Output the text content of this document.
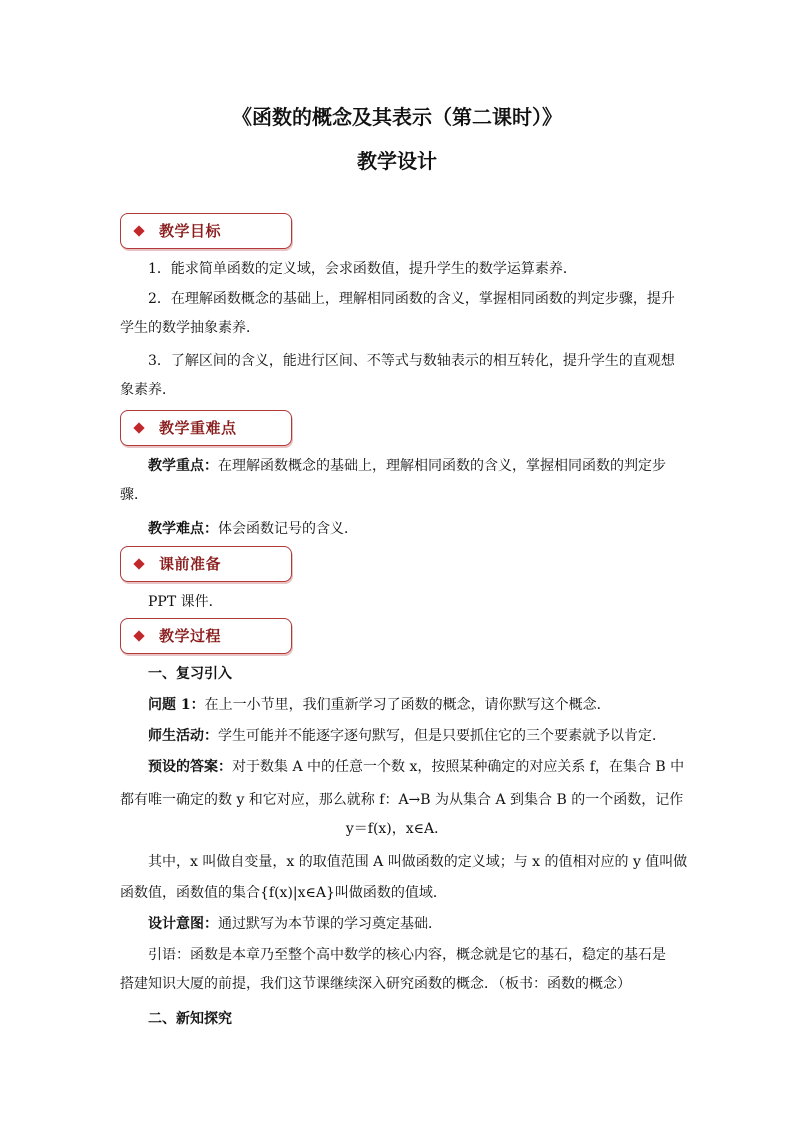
《函数的概念及其表示（第二课时）》
教学设计
教学目标
1．能求简单函数的定义域，会求函数值，提升学生的数学运算素养．
2．在理解函数概念的基础上，理解相同函数的含义，掌握相同函数的判定步骤，提升
学生的数学抽象素养．
3．了解区间的含义，能进行区间、不等式与数轴表示的相互转化，提升学生的直观想
象素养．
教学重难点
教学重点：在理解函数概念的基础上，理解相同函数的含义，掌握相同函数的判定步
骤．
教学难点：体会函数记号的含义．
课前准备
PPT 课件．
教学过程
一、复习引入
问题 1：在上一小节里，我们重新学习了函数的概念，请你默写这个概念．
师生活动：学生可能并不能逐字逐句默写，但是只要抓住它的三个要素就予以肯定．
预设的答案：对于数集 A 中的任意一个数 x，按照某种确定的对应关系 f，在集合 B 中
都有唯一确定的数 y 和它对应，那么就称 f：A→B 为从集合 A 到集合 B 的一个函数，记作
y＝f(x)，x∈A．
其中，x 叫做自变量，x 的取值范围 A 叫做函数的定义域；与 x 的值相对应的 y 值叫做
函数值，函数值的集合{f(x)|x∈A}叫做函数的值域．
设计意图：通过默写为本节课的学习奠定基础．
引语：函数是本章乃至整个高中数学的核心内容，概念就是它的基石，稳定的基石是
搭建知识大厦的前提，我们这节课继续深入研究函数的概念．（板书：函数的概念）
二、新知探究
